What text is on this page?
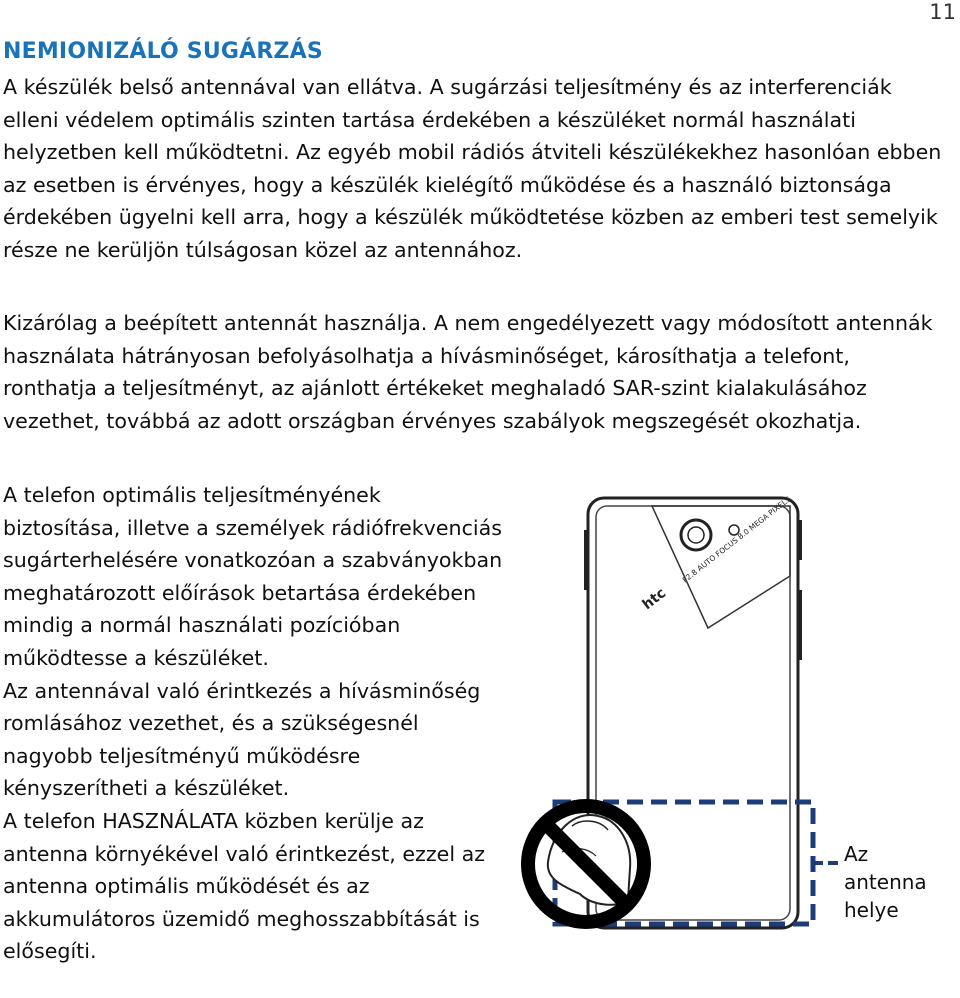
11
NEMIONIZÁLÓ SUGÁRZÁS

A készülék belső antennával van ellátva. A sugárzási teljesítmény és az interferenciák elleni védelem optimális szinten tartása érdekében a készüléket normál használati helyzetben kell működtetni. Az egyéb mobil rádiós átviteli készülékekhez hasonlóan ebben az esetben is érvényes, hogy a készülék kielégítő működése és a használó biztonsága érdekében ügyelni kell arra, hogy a készülék működtetése közben az emberi test semelyik része ne kerüljön túlságosan közel az antennához.

Kizárólag a beépített antennát használja. A nem engedélyezett vagy módosított antennák használata hátrányosan befolyásolhatja a hívásminőséget, károsíthatja a telefont, ronthatja a teljesítményt, az ajánlott értékeket meghaladó SAR-szint kialakulásához vezethet, továbbá az adott országban érvényes szabályok megszegését okozhatja.

A telefon optimális teljesítményének biztosítása, illetve a személyek rádiófrekvenciás sugárterhelésére vonatkozóan a szabványokban meghatározott előírások betartása érdekében mindig a normál használati pozícióban működtesse a készüléket.

Az antennával való érintkezés a hívásminőség romlásához vezethet, és a szükségesnél nagyobb teljesítményű működésre kényszerítheti a készüléket.

A telefon HASZNÁLATA közben kerülje az antenna környékével való érintkezést, ezzel az antenna optimális működését és az akkumulátoros üzemidő meghosszabbítását is elősegíti.

F2.8 AUTO FOCUS 8.0 MEGA PIXELS
htc
Az
antenna
helye
